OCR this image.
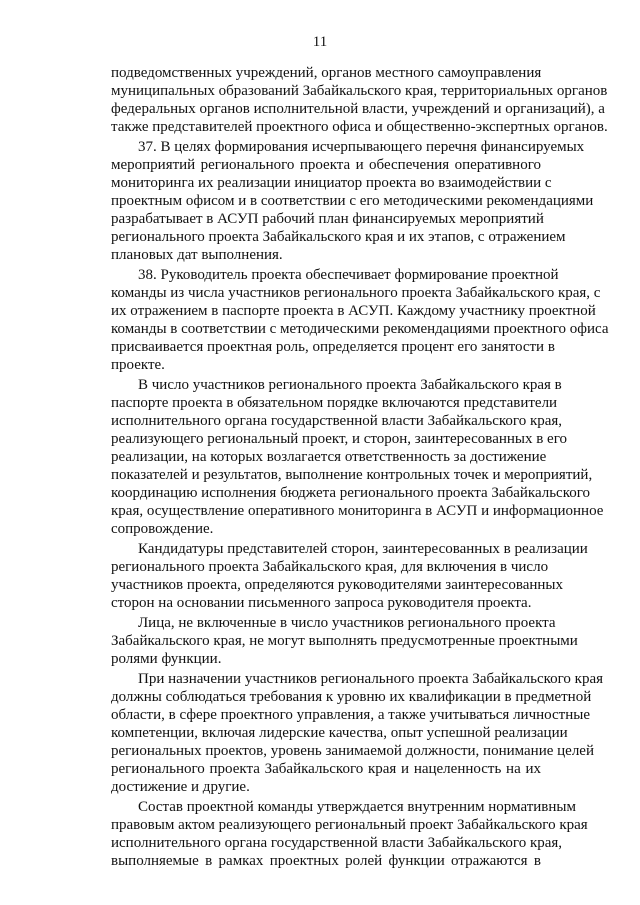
11
подведомственных учреждений, органов местного самоуправления
муниципальных образований Забайкальского края, территориальных органов
федеральных органов исполнительной власти, учреждений и организаций), а
также представителей проектного офиса и общественно-экспертных органов.
37. В целях формирования исчерпывающего перечня финансируемых
мероприятий регионального проекта и обеспечения оперативного
мониторинга их реализации инициатор проекта во взаимодействии с
проектным офисом и в соответствии с его методическими рекомендациями
разрабатывает в АСУП рабочий план финансируемых мероприятий
регионального проекта Забайкальского края и их этапов, с отражением
плановых дат выполнения.
38. Руководитель проекта обеспечивает формирование проектной
команды из числа участников регионального проекта Забайкальского края, с
их отражением в паспорте проекта в АСУП. Каждому участнику проектной
команды в соответствии с методическими рекомендациями проектного офиса
присваивается проектная роль, определяется процент его занятости в
проекте.
В число участников регионального проекта Забайкальского края в
паспорте проекта в обязательном порядке включаются представители
исполнительного органа государственной власти Забайкальского края,
реализующего региональный проект, и сторон, заинтересованных в его
реализации, на которых возлагается ответственность за достижение
показателей и результатов, выполнение контрольных точек и мероприятий,
координацию исполнения бюджета регионального проекта Забайкальского
края, осуществление оперативного мониторинга в АСУП и информационное
сопровождение.
Кандидатуры представителей сторон, заинтересованных в реализации
регионального проекта Забайкальского края, для включения в число
участников проекта, определяются руководителями заинтересованных
сторон на основании письменного запроса руководителя проекта.
Лица, не включенные в число участников регионального проекта
Забайкальского края, не могут выполнять предусмотренные проектными
ролями функции.
При назначении участников регионального проекта Забайкальского края
должны соблюдаться требования к уровню их квалификации в предметной
области, в сфере проектного управления, а также учитываться личностные
компетенции, включая лидерские качества, опыт успешной реализации
региональных проектов, уровень занимаемой должности, понимание целей
регионального проекта Забайкальского края и нацеленность на их
достижение и другие.
Состав проектной команды утверждается внутренним нормативным
правовым актом реализующего региональный проект Забайкальского края
исполнительного органа государственной власти Забайкальского края,
выполняемые в рамках проектных ролей функции отражаются в
